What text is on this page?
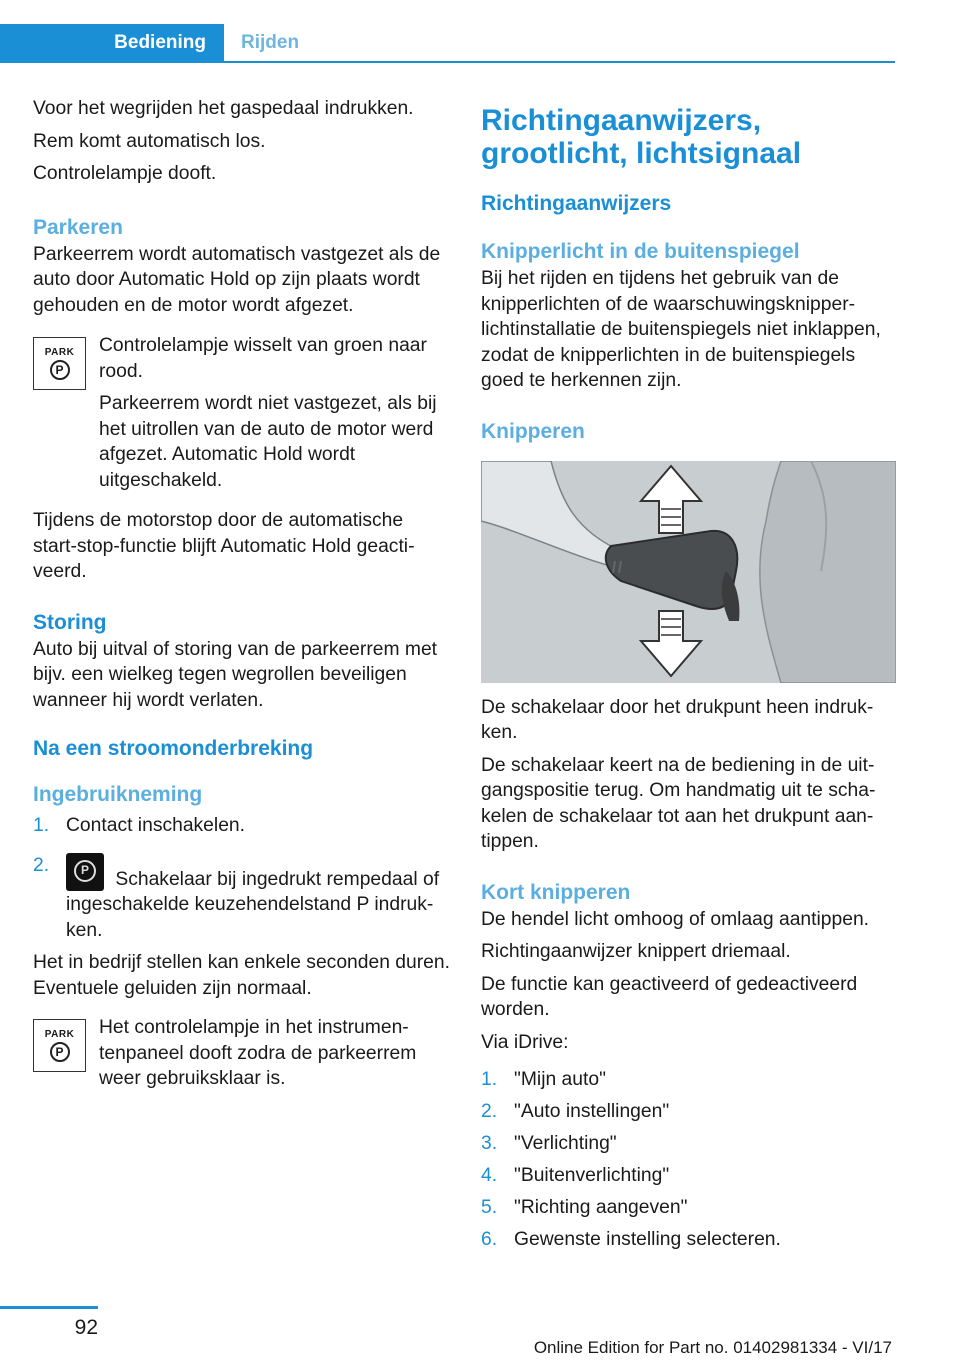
Bediening	Rijden

Voor het wegrijden het gaspedaal indrukken.

Rem komt automatisch los.

Controlelampje dooft.

Parkeren

Parkeerrem wordt automatisch vastgezet als de auto door Automatic Hold op zijn plaats wordt gehouden en de motor wordt afgezet.

PARK
P

Controlelampje wisselt van groen naar rood.

Parkeerrem wordt niet vastgezet, als bij het uitrollen van de auto de motor werd afgezet. Automatic Hold wordt uitgeschakeld.

Tijdens de motorstop door de automatische start-stop-functie blijft Automatic Hold geactiveerd.

Storing

Auto bij uitval of storing van de parkeerrem met bijv. een wielkeg tegen wegrollen beveiligen wanneer hij wordt verlaten.

Na een stroomonderbreking
Ingebruikneming
1. Contact inschakelen.
2.	P	Schakelaar bij ingedrukt rempedaal of ingeschakelde keuzehendelstand P indrukken.

Het in bedrijf stellen kan enkele seconden duren. Eventuele geluiden zijn normaal.

PARK
P

Het controlelampje in het instrumentenpaneel dooft zodra de parkeerrem weer gebruiksklaar is.

Richtingaanwijzers, grootlicht, lichtsignaal
Richtingaanwijzers
Knipperlicht in de buitenspiegel

Bij het rijden en tijdens het gebruik van de knipperlichten of de waarschuwingsknipperlichtinstallatie de buitenspiegels niet inklappen, zodat de knipperlichten in de buitenspiegels goed te herkennen zijn.

Knipperen

De schakelaar door het drukpunt heen indrukken.

De schakelaar keert na de bediening in de uitgangspositie terug. Om handmatig uit te schakelen de schakelaar tot aan het drukpunt aantippen.

Kort knipperen

De hendel licht omhoog of omlaag aantippen.

Richtingaanwijzer knippert driemaal.

De functie kan geactiveerd of gedeactiveerd worden.

Via iDrive:

1. "Mijn auto"
2. "Auto instellingen"
3. "Verlichting"
4. "Buitenverlichting"
5. "Richting aangeven"
6. Gewenste instelling selecteren.
92
Online Edition for Part no. 01402981334 - VI/17
